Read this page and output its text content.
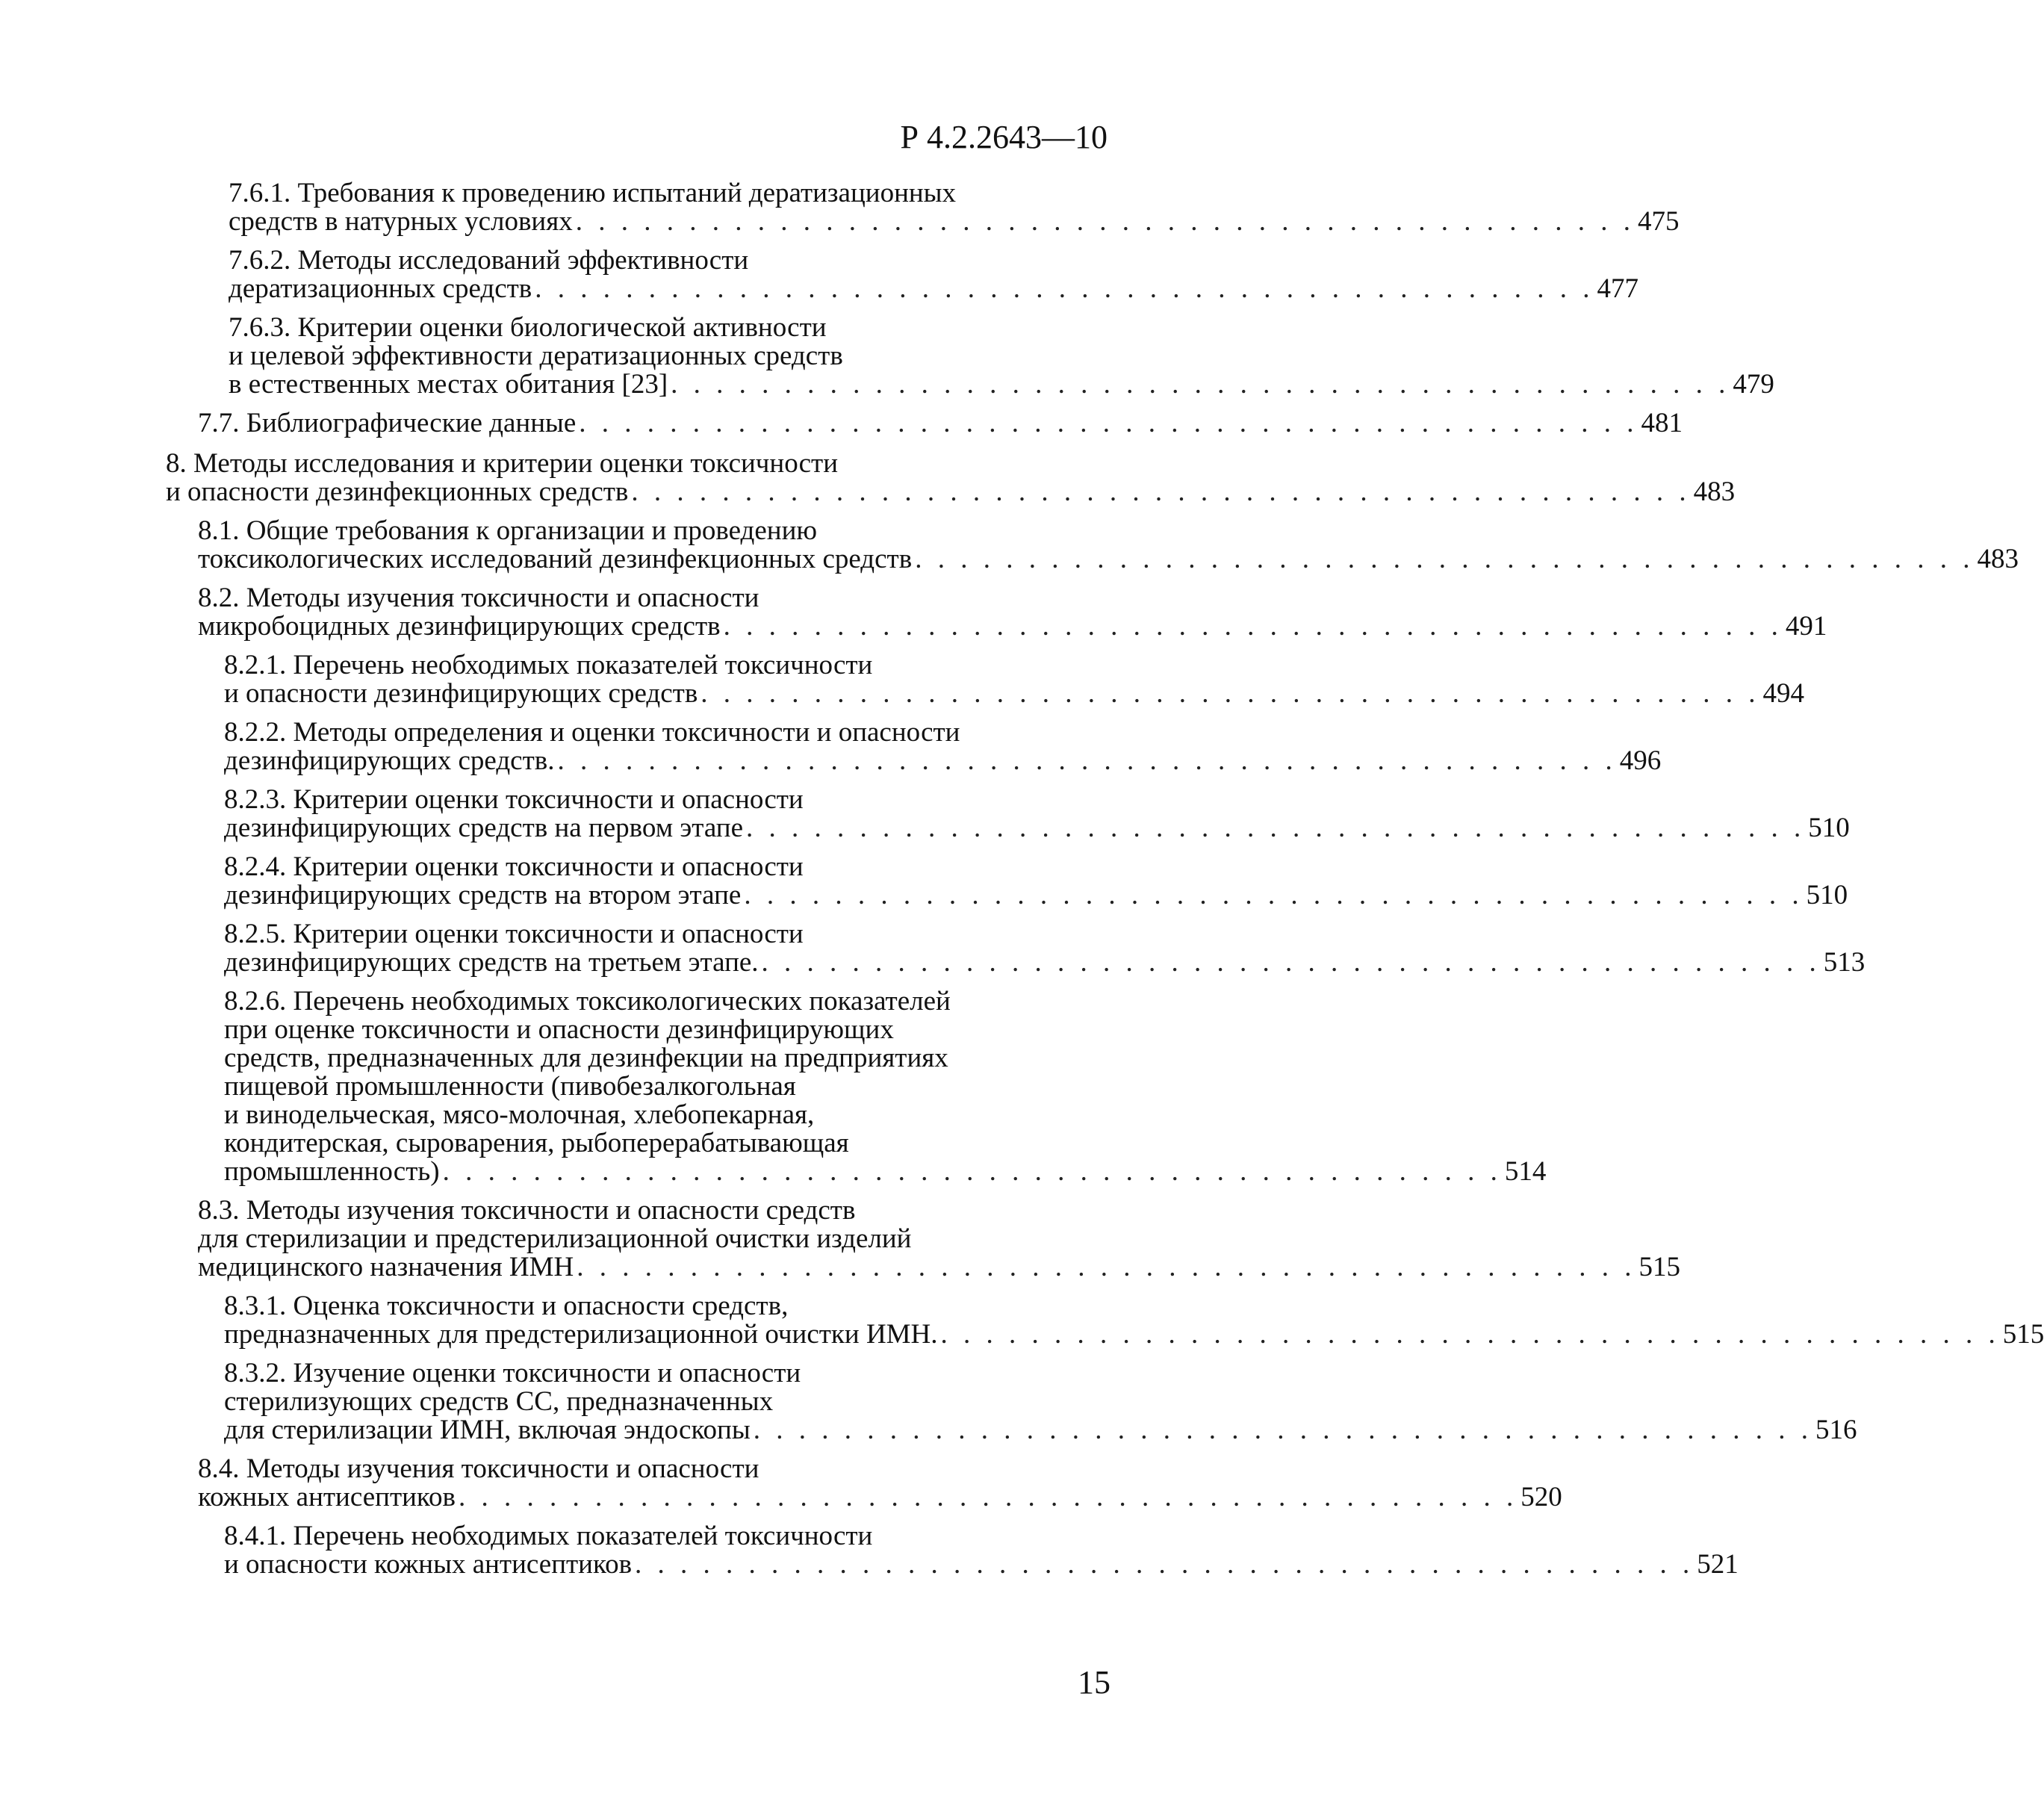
Р 4.2.2643—10
7.6.1. Требования к проведению испытаний дератизационных
средств в натурных условиях . . . . . . . . . . . . . . . . . . . . . . . . . . . . . . . . . . . . . . . . . . . . . . . 475
7.6.2. Методы исследований эффективности
дератизационных средств . . . . . . . . . . . . . . . . . . . . . . . . . . . . . . . . . . . . . . . . . . . . . . . 477
7.6.3. Критерии оценки биологической активности
и целевой эффективности дератизационных средств
в естественных местах обитания [23] . . . . . . . . . . . . . . . . . . . . . . . . . . . . . . . . . . . . . . . . . . . . . . . 479
7.7. Библиографические данные . . . . . . . . . . . . . . . . . . . . . . . . . . . . . . . . . . . . . . . . . . . . . . . 481
8. Методы исследования и критерии оценки токсичности
и опасности дезинфекционных средств . . . . . . . . . . . . . . . . . . . . . . . . . . . . . . . . . . . . . . . . . . . . . . . 483
8.1. Общие требования к организации и проведению
токсикологических исследований дезинфекционных средств . . . . . . . . . . . . . . . . . . . . . . . . . . . . . . . . . . . . . . . . . . . . . . . 483
8.2. Методы изучения токсичности и опасности
микробоцидных дезинфицирующих средств . . . . . . . . . . . . . . . . . . . . . . . . . . . . . . . . . . . . . . . . . . . . . . . 491
8.2.1. Перечень необходимых показателей токсичности
и опасности дезинфицирующих средств . . . . . . . . . . . . . . . . . . . . . . . . . . . . . . . . . . . . . . . . . . . . . . . 494
8.2.2. Методы определения и оценки токсичности и опасности
дезинфицирующих средств. . . . . . . . . . . . . . . . . . . . . . . . . . . . . . . . . . . . . . . . . . . . . . . . 496
8.2.3. Критерии оценки токсичности и опасности
дезинфицирующих средств на первом этапе . . . . . . . . . . . . . . . . . . . . . . . . . . . . . . . . . . . . . . . . . . . . . . . 510
8.2.4. Критерии оценки токсичности и опасности
дезинфицирующих средств на втором этапе . . . . . . . . . . . . . . . . . . . . . . . . . . . . . . . . . . . . . . . . . . . . . . . 510
8.2.5. Критерии оценки токсичности и опасности
дезинфицирующих средств на третьем этапе. . . . . . . . . . . . . . . . . . . . . . . . . . . . . . . . . . . . . . . . . . . . . . . . 513
8.2.6. Перечень необходимых токсикологических показателей
при оценке токсичности и опасности дезинфицирующих
средств, предназначенных для дезинфекции на предприятиях
пищевой промышленности (пивобезалкогольная
и винодельческая, мясо-молочная, хлебопекарная,
кондитерская, сыроварения, рыбоперерабатывающая
промышленность) . . . . . . . . . . . . . . . . . . . . . . . . . . . . . . . . . . . . . . . . . . . . . . . 514
8.3. Методы изучения токсичности и опасности средств
для стерилизации и предстерилизационной очистки изделий
медицинского назначения ИМН . . . . . . . . . . . . . . . . . . . . . . . . . . . . . . . . . . . . . . . . . . . . . . . 515
8.3.1. Оценка токсичности и опасности средств,
предназначенных для предстерилизационной очистки ИМН. . . . . . . . . . . . . . . . . . . . . . . . . . . . . . . . . . . . . . . . . . . . . . . . 515
8.3.2. Изучение оценки токсичности и опасности
стерилизующих средств СС, предназначенных
для стерилизации ИМН, включая эндоскопы . . . . . . . . . . . . . . . . . . . . . . . . . . . . . . . . . . . . . . . . . . . . . . . 516
8.4. Методы изучения токсичности и опасности
кожных антисептиков . . . . . . . . . . . . . . . . . . . . . . . . . . . . . . . . . . . . . . . . . . . . . . . 520
8.4.1. Перечень необходимых показателей токсичности
и опасности кожных антисептиков . . . . . . . . . . . . . . . . . . . . . . . . . . . . . . . . . . . . . . . . . . . . . . . 521
15
